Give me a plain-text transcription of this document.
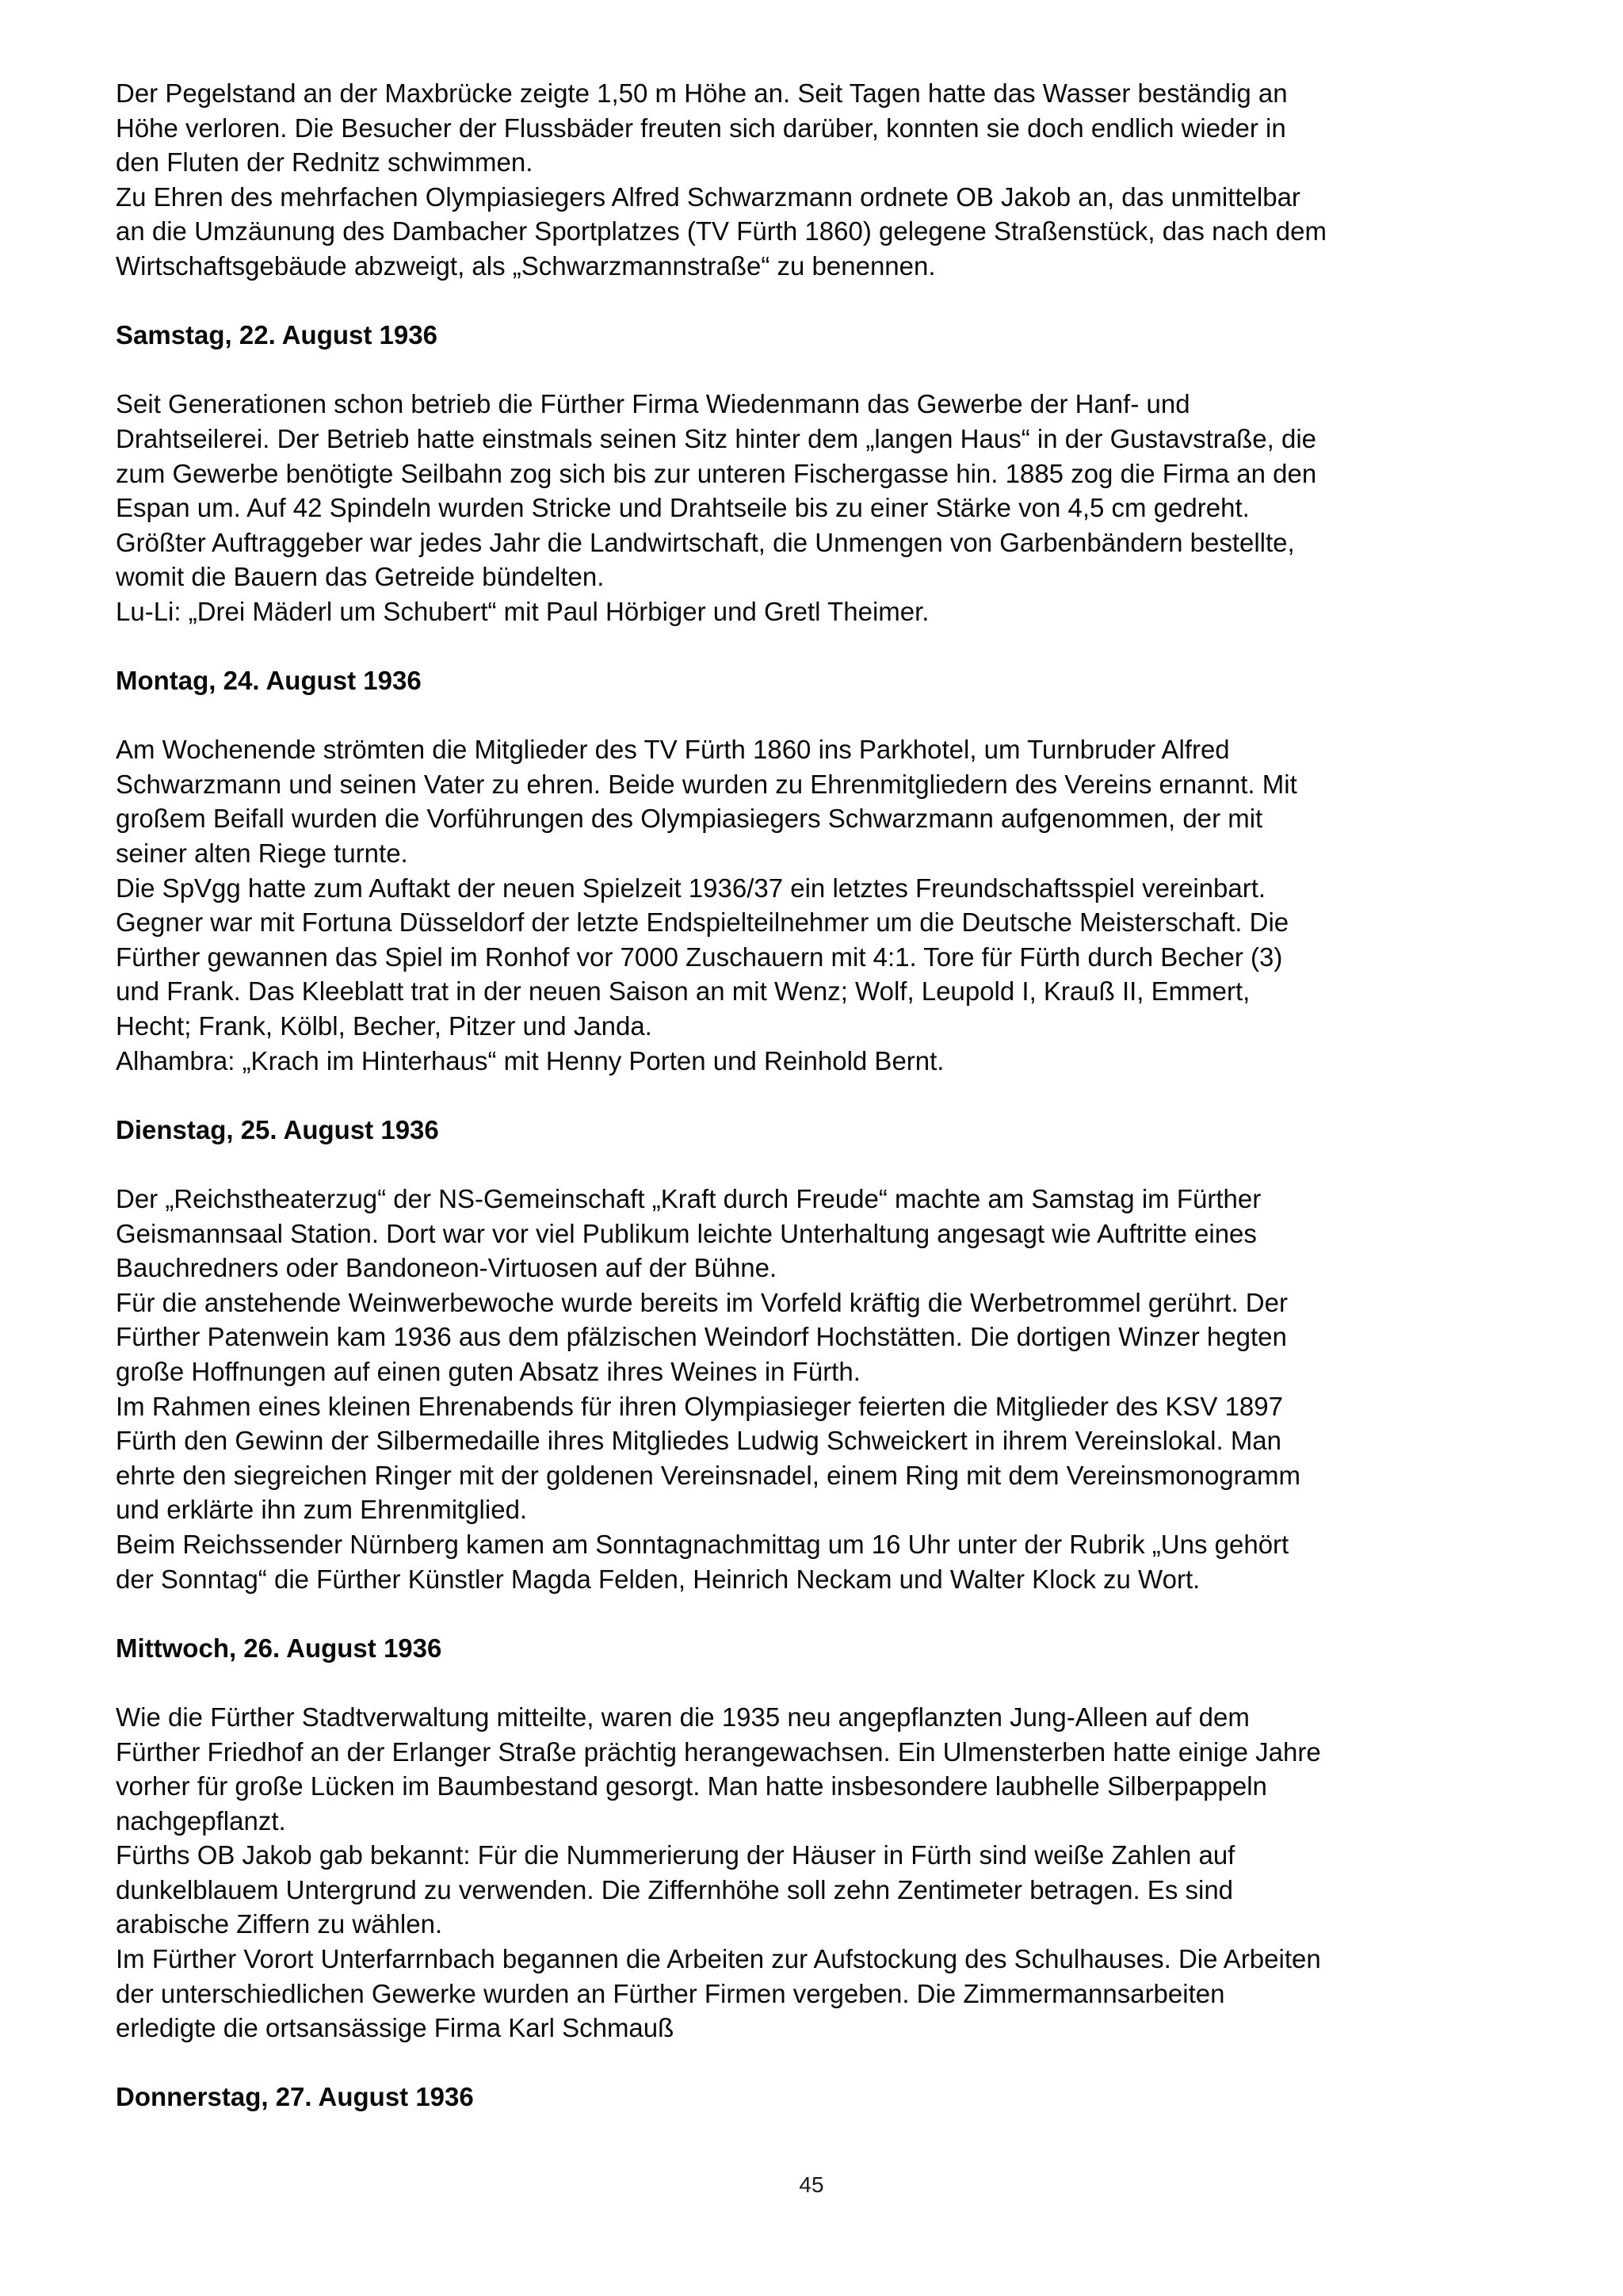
Der Pegelstand an der Maxbrücke zeigte 1,50 m Höhe an. Seit Tagen hatte das Wasser beständig an
Höhe verloren. Die Besucher der Flussbäder freuten sich darüber, konnten sie doch endlich wieder in
den Fluten der Rednitz schwimmen.
Zu Ehren des mehrfachen Olympiasiegers Alfred Schwarzmann ordnete OB Jakob an, das unmittelbar
an die Umzäunung des Dambacher Sportplatzes (TV Fürth 1860) gelegene Straßenstück, das nach dem
Wirtschaftsgebäude abzweigt, als „Schwarzmannstraße“ zu benennen.

Samstag, 22. August 1936

Seit Generationen schon betrieb die Fürther Firma Wiedenmann das Gewerbe der Hanf- und
Drahtseilerei. Der Betrieb hatte einstmals seinen Sitz hinter dem „langen Haus“ in der Gustavstraße, die
zum Gewerbe benötigte Seilbahn zog sich bis zur unteren Fischergasse hin. 1885 zog die Firma an den
Espan um. Auf 42 Spindeln wurden Stricke und Drahtseile bis zu einer Stärke von 4,5 cm gedreht.
Größter Auftraggeber war jedes Jahr die Landwirtschaft, die Unmengen von Garbenbändern bestellte,
womit die Bauern das Getreide bündelten.
Lu-Li: „Drei Mäderl um Schubert“ mit Paul Hörbiger und Gretl Theimer.

Montag, 24. August 1936

Am Wochenende strömten die Mitglieder des TV Fürth 1860 ins Parkhotel, um Turnbruder Alfred
Schwarzmann und seinen Vater zu ehren. Beide wurden zu Ehrenmitgliedern des Vereins ernannt. Mit
großem Beifall wurden die Vorführungen des Olympiasiegers Schwarzmann aufgenommen, der mit
seiner alten Riege turnte.
Die SpVgg hatte zum Auftakt der neuen Spielzeit 1936/37 ein letztes Freundschaftsspiel vereinbart.
Gegner war mit Fortuna Düsseldorf der letzte Endspielteilnehmer um die Deutsche Meisterschaft. Die
Fürther gewannen das Spiel im Ronhof vor 7000 Zuschauern mit 4:1. Tore für Fürth durch Becher (3)
und Frank. Das Kleeblatt trat in der neuen Saison an mit Wenz; Wolf, Leupold I, Krauß II, Emmert,
Hecht; Frank, Kölbl, Becher, Pitzer und Janda.
Alhambra: „Krach im Hinterhaus“ mit Henny Porten und Reinhold Bernt.

Dienstag, 25. August 1936

Der „Reichstheaterzug“ der NS-Gemeinschaft „Kraft durch Freude“ machte am Samstag im Fürther
Geismannsaal Station. Dort war vor viel Publikum leichte Unterhaltung angesagt wie Auftritte eines
Bauchredners oder Bandoneon-Virtuosen auf der Bühne.
Für die anstehende Weinwerbewoche wurde bereits im Vorfeld kräftig die Werbetrommel gerührt. Der
Fürther Patenwein kam 1936 aus dem pfälzischen Weindorf Hochstätten. Die dortigen Winzer hegten
große Hoffnungen auf einen guten Absatz ihres Weines in Fürth.
Im Rahmen eines kleinen Ehrenabends für ihren Olympiasieger feierten die Mitglieder des KSV 1897
Fürth den Gewinn der Silbermedaille ihres Mitgliedes Ludwig Schweickert in ihrem Vereinslokal. Man
ehrte den siegreichen Ringer mit der goldenen Vereinsnadel, einem Ring mit dem Vereinsmonogramm
und erklärte ihn zum Ehrenmitglied.
Beim Reichssender Nürnberg kamen am Sonntagnachmittag um 16 Uhr unter der Rubrik „Uns gehört
der Sonntag“ die Fürther Künstler Magda Felden, Heinrich Neckam und Walter Klock zu Wort.

Mittwoch, 26. August 1936

Wie die Fürther Stadtverwaltung mitteilte, waren die 1935 neu angepflanzten Jung-Alleen auf dem
Fürther Friedhof an der Erlanger Straße prächtig herangewachsen. Ein Ulmensterben hatte einige Jahre
vorher für große Lücken im Baumbestand gesorgt. Man hatte insbesondere laubhelle Silberpappeln
nachgepflanzt.
Fürths OB Jakob gab bekannt: Für die Nummerierung der Häuser in Fürth sind weiße Zahlen auf
dunkelblauem Untergrund zu verwenden. Die Ziffernhöhe soll zehn Zentimeter betragen. Es sind
arabische Ziffern zu wählen.
Im Fürther Vorort Unterfarrnbach begannen die Arbeiten zur Aufstockung des Schulhauses. Die Arbeiten
der unterschiedlichen Gewerke wurden an Fürther Firmen vergeben. Die Zimmermannsarbeiten
erledigte die ortsansässige Firma Karl Schmauß

Donnerstag, 27. August 1936

45
